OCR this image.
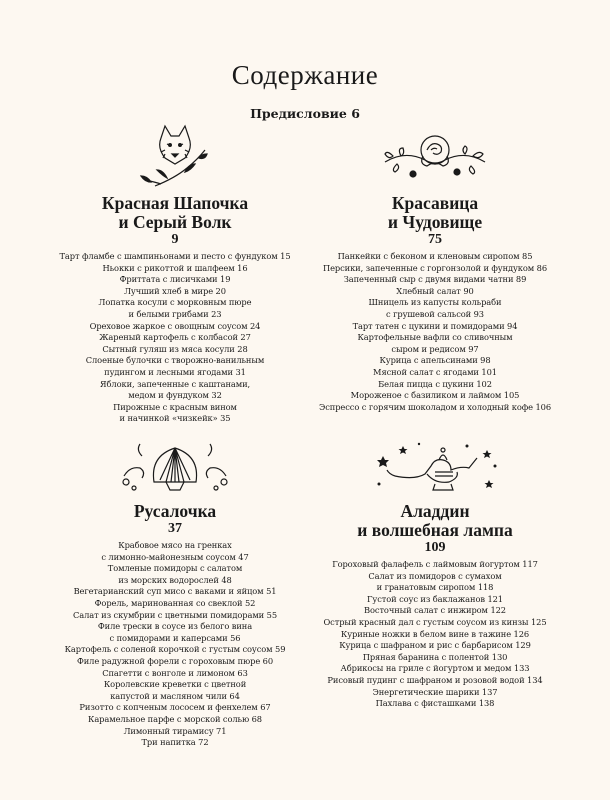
Содержание
Предисловие 6
Красная Шапочка
и Серый Волк
9
Тарт фламбе с шампиньонами и песто с фундуком 15
Ньокки с рикоттой и шалфеем 16
Фриттата с лисичками 19
Лучший хлеб в мире 20
Лопатка косули с морковным пюре
и белыми грибами 23
Ореховое жаркое с овощным соусом 24
Жареный картофель с колбасой 27
Сытный гуляш из мяса косули 28
Слоеные булочки с творожно-ванильным
пудингом и лесными ягодами 31
Яблоки, запеченные с каштанами,
медом и фундуком 32
Пирожные с красным вином
и начинкой «чизкейк» 35
Красавица
и Чудовище
75
Панкейки с беконом и кленовым сиропом 85
Персики, запеченные с горгонзолой и фундуком 86
Запеченный сыр с двумя видами чатни 89
Хлебный салат 90
Шницель из капусты кольраби
с грушевой сальсой 93
Тарт татен с цукини и помидорами 94
Картофельные вафли со сливочным
сыром и редисом 97
Курица с апельсинами 98
Мясной салат с ягодами 101
Белая пицца с цукини 102
Мороженое с базиликом и лаймом 105
Эспрессо с горячим шоколадом и холодный кофе 106
Русалочка
37
Крабовое мясо на гренках
с лимонно-майонезным соусом 47
Томленые помидоры с салатом
из морских водорослей 48
Вегетарианский суп мисо с ваками и яйцом 51
Форель, маринованная со свеклой 52
Салат из скумбрии с цветными помидорами 55
Филе трески в соусе из белого вина
с помидорами и каперсами 56
Картофель с соленой корочкой с густым соусом 59
Филе радужной форели с гороховым пюре 60
Спагетти с вонголе и лимоном 63
Королевские креветки с цветной
капустой и масляном чили 64
Ризотто с копченым лососем и фенхелем 67
Карамельное парфе с морской солью 68
Лимонный тирамису 71
Три напитка 72
Аладдин
и волшебная лампа
109
Гороховый фалафель с лаймовым йогуртом 117
Салат из помидоров с сумахом
и гранатовым сиропом 118
Густой соус из баклажанов 121
Восточный салат с инжиром 122
Острый красный дал с густым соусом из кинзы 125
Куриные ножки в белом вине в тажине 126
Курица с шафраном и рис с барбарисом 129
Пряная баранина с полентой 130
Абрикосы на гриле с йогуртом и медом 133
Рисовый пудинг с шафраном и розовой водой 134
Энергетические шарики 137
Пахлава с фисташками 138
